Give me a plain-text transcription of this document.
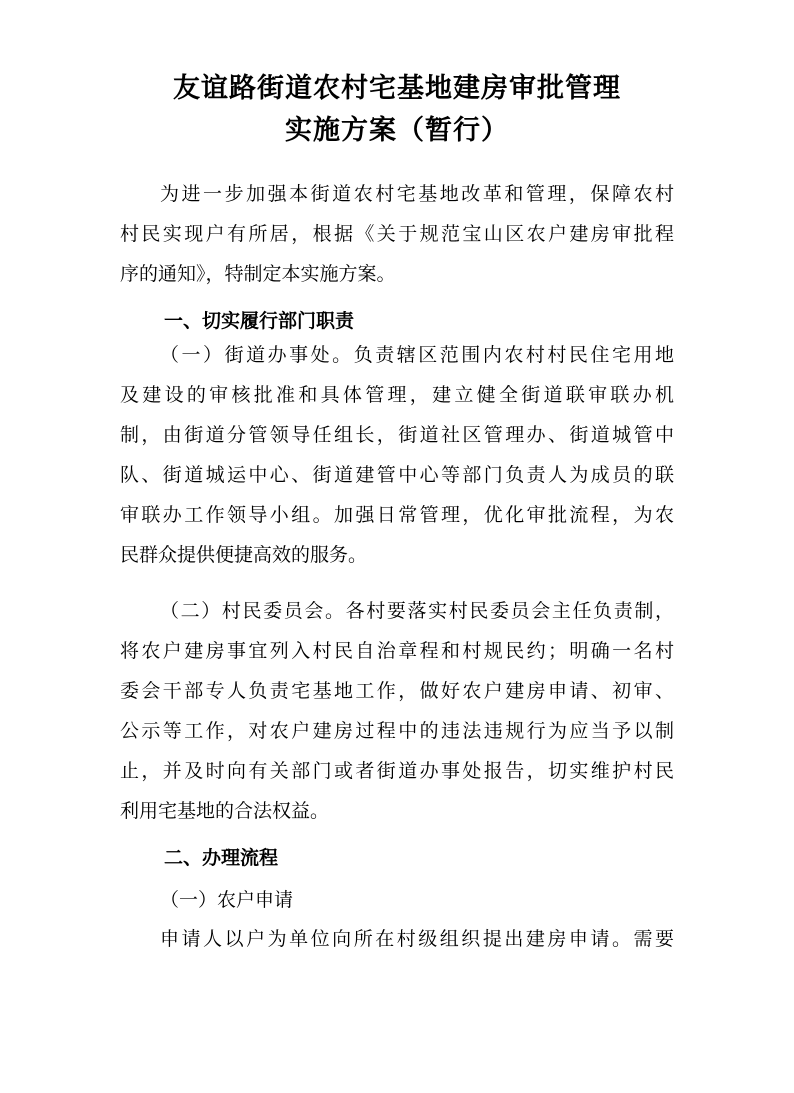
友谊路街道农村宅基地建房审批管理
实施方案（暂行）
为进一步加强本街道农村宅基地改革和管理，保障农村
村民实现户有所居，根据《关于规范宝山区农户建房审批程
序的通知》，特制定本实施方案。
一、切实履行部门职责
（一）街道办事处。负责辖区范围内农村村民住宅用地
及建设的审核批准和具体管理，建立健全街道联审联办机
制，由街道分管领导任组长，街道社区管理办、街道城管中
队、街道城运中心、街道建管中心等部门负责人为成员的联
审联办工作领导小组。加强日常管理，优化审批流程，为农
民群众提供便捷高效的服务。
（二）村民委员会。各村要落实村民委员会主任负责制，
将农户建房事宜列入村民自治章程和村规民约；明确一名村
委会干部专人负责宅基地工作，做好农户建房申请、初审、
公示等工作，对农户建房过程中的违法违规行为应当予以制
止，并及时向有关部门或者街道办事处报告，切实维护村民
利用宅基地的合法权益。
二、办理流程
（一）农户申请
申请人以户为单位向所在村级组织提出建房申请。需要
